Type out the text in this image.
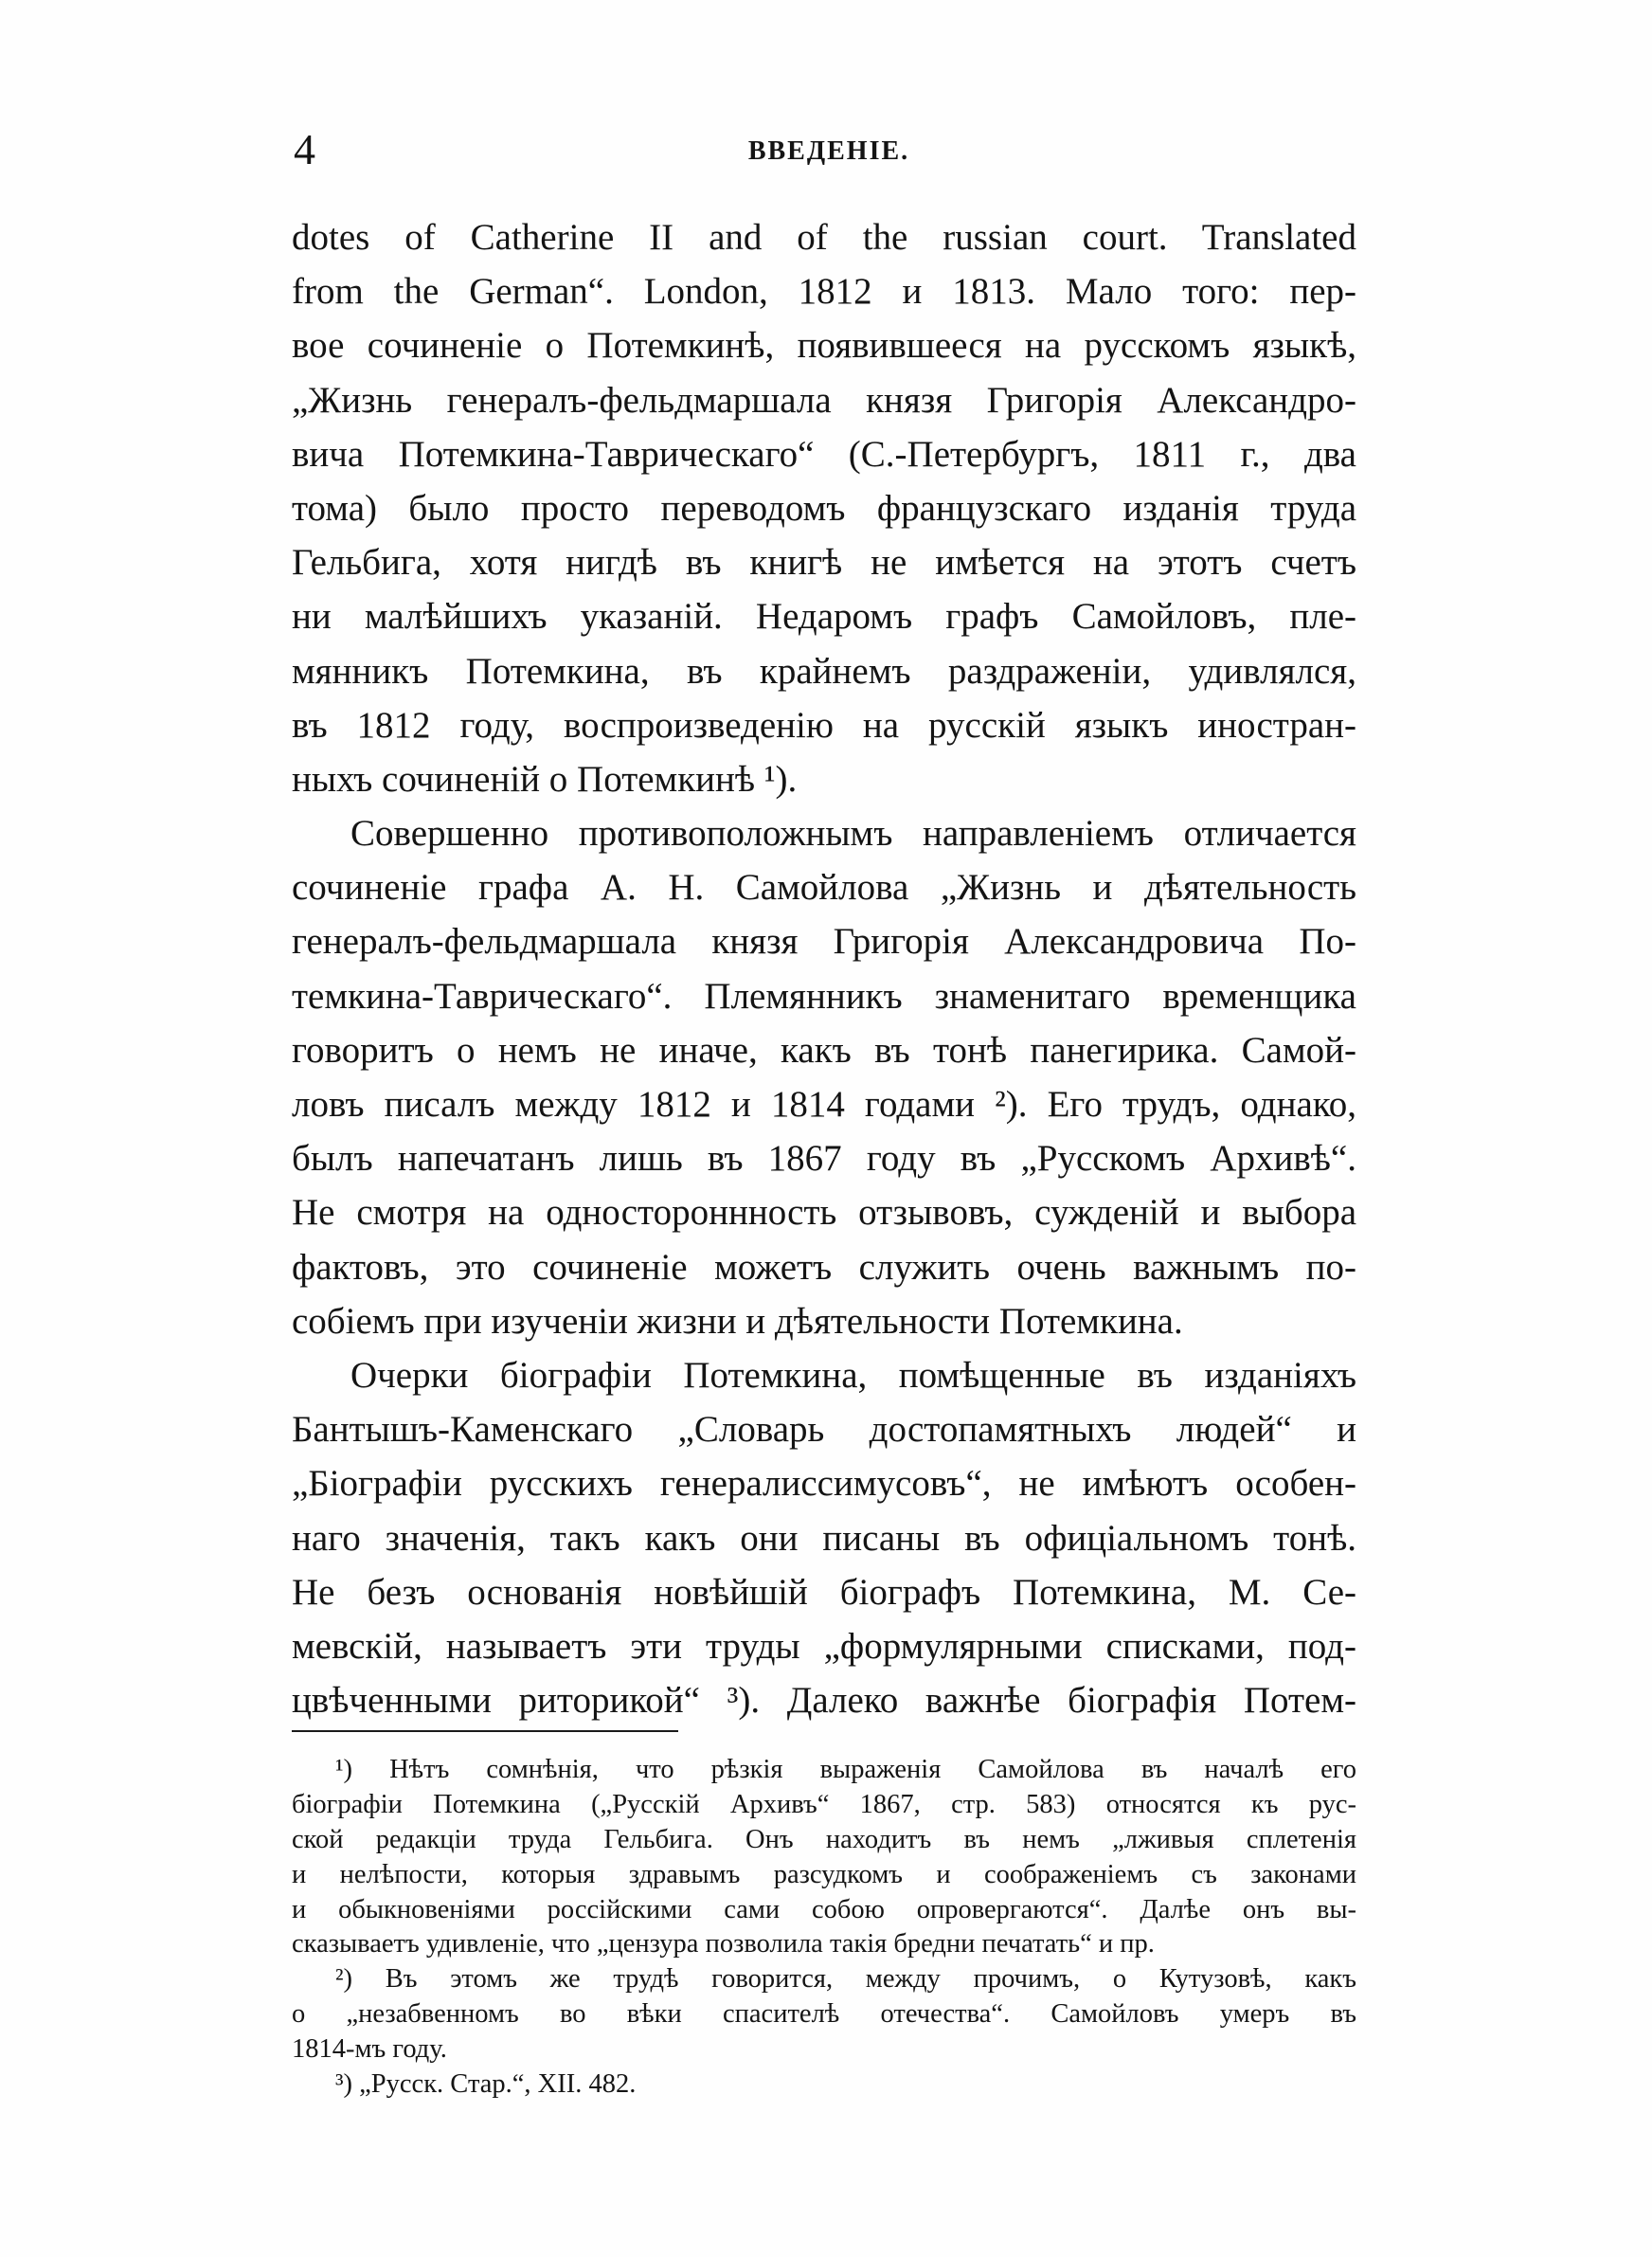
4	ВВЕДЕНІЕ.
dotes of Catherine II and of the russian court. Translated
from the German“. London, 1812 и 1813. Мало того: пер-
вое сочиненіе о Потемкинѣ, появившееся на русскомъ языкѣ,
„Жизнь генералъ-фельдмаршала князя Григорія Александро-
вича Потемкина-Таврическаго“ (С.-Петербургъ, 1811 г., два
тома) было просто переводомъ французскаго изданія труда
Гельбига, хотя нигдѣ въ книгѣ не имѣется на этотъ счетъ
ни малѣйшихъ указаній. Недаромъ графъ Самойловъ, пле-
мянникъ Потемкина, въ крайнемъ раздраженіи, удивлялся,
въ 1812 году, воспроизведенію на русскій языкъ иностран-
ныхъ сочиненій о Потемкинѣ ¹).
Совершенно противоположнымъ направленіемъ отличается
сочиненіе графа А. Н. Самойлова „Жизнь и дѣятельность
генералъ-фельдмаршала князя Григорія Александровича По-
темкина-Таврическаго“. Племянникъ знаменитаго временщика
говоритъ о немъ не иначе, какъ въ тонѣ панегирика. Самой-
ловъ писалъ между 1812 и 1814 годами ²). Его трудъ, однако,
былъ напечатанъ лишь въ 1867 году въ „Русскомъ Архивѣ“.
Не смотря на одностороннность отзывовъ, сужденій и выбора
фактовъ, это сочиненіе можетъ служить очень важнымъ по-
собіемъ при изученіи жизни и дѣятельности Потемкина.
Очерки біографіи Потемкина, помѣщенные въ изданіяхъ
Бантышъ-Каменскаго „Словарь достопамятныхъ людей“ и
„Біографіи русскихъ генералиссимусовъ“, не имѣютъ особен-
наго значенія, такъ какъ они писаны въ офиціальномъ тонѣ.
Не безъ основанія новѣйшій біографъ Потемкина, М. Се-
мевскій, называетъ эти труды „формулярными списками, под-
цвѣченными риторикой“ ³). Далеко важнѣе біографія Потем-
¹) Нѣтъ сомнѣнія, что рѣзкія выраженія Самойлова въ началѣ его
біографіи Потемкина („Русскій Архивъ“ 1867, стр. 583) относятся къ рус-
ской редакціи труда Гельбига. Онъ находитъ въ немъ „лживыя сплетенія
и нелѣпости, которыя здравымъ разсудкомъ и соображеніемъ съ законами
и обыкновеніями россійскими сами собою опровергаются“. Далѣе онъ вы-
сказываетъ удивленіе, что „цензура позволила такія бредни печатать“ и пр.
²) Въ этомъ же трудѣ говорится, между прочимъ, о Кутузовѣ, какъ
о „незабвенномъ во вѣки спасителѣ отечества“. Самойловъ умеръ въ
1814-мъ году.
³) „Русск. Стар.“, XII. 482.
